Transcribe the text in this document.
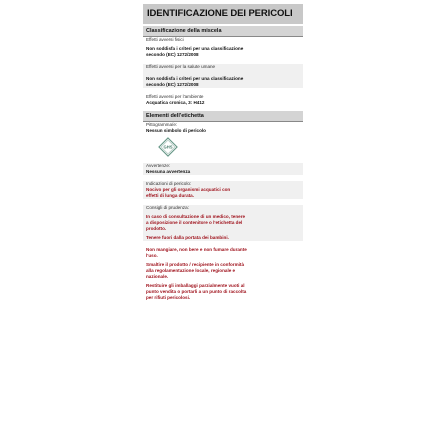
IDENTIFICAZIONE DEI PERICOLI
Classificazione della miscela
Effetti avversi fisici
Non soddisfa i criteri per una classificazione
secondo (EC) 1272/2008
Effetti avversi per la salute umane
Non soddisfa i criteri per una classificazione
secondo (EC) 1272/2008
Effetti avversi per l'ambiente
Acquatica cronica, 3: H412
Elementi dell'etichetta
Pittogramma/e:
Nessun simbolo di pericolo
GHS
Avvertenze:
Nessuna avvertenza
Indicazioni di pericolo:
Nocivo per gli organismi acquatici con
effetti di lunga durata.
Consigli di prudenza:
In caso di consultazione di un medico, tenere
a disposizione il contenitore o l'etichetta del
prodotto.
Tenere fuori dalla portata dei bambini.
Non mangiare, non bere e non fumare durante
l'uso.
Smaltire il prodotto / recipiente in conformità
alla regolamentazione locale, regionale e
nazionale.
Restituire gli imballaggi parzialmente vuoti al
punto vendita o portarli a un punto di raccolta
per rifiuti pericolosi.
